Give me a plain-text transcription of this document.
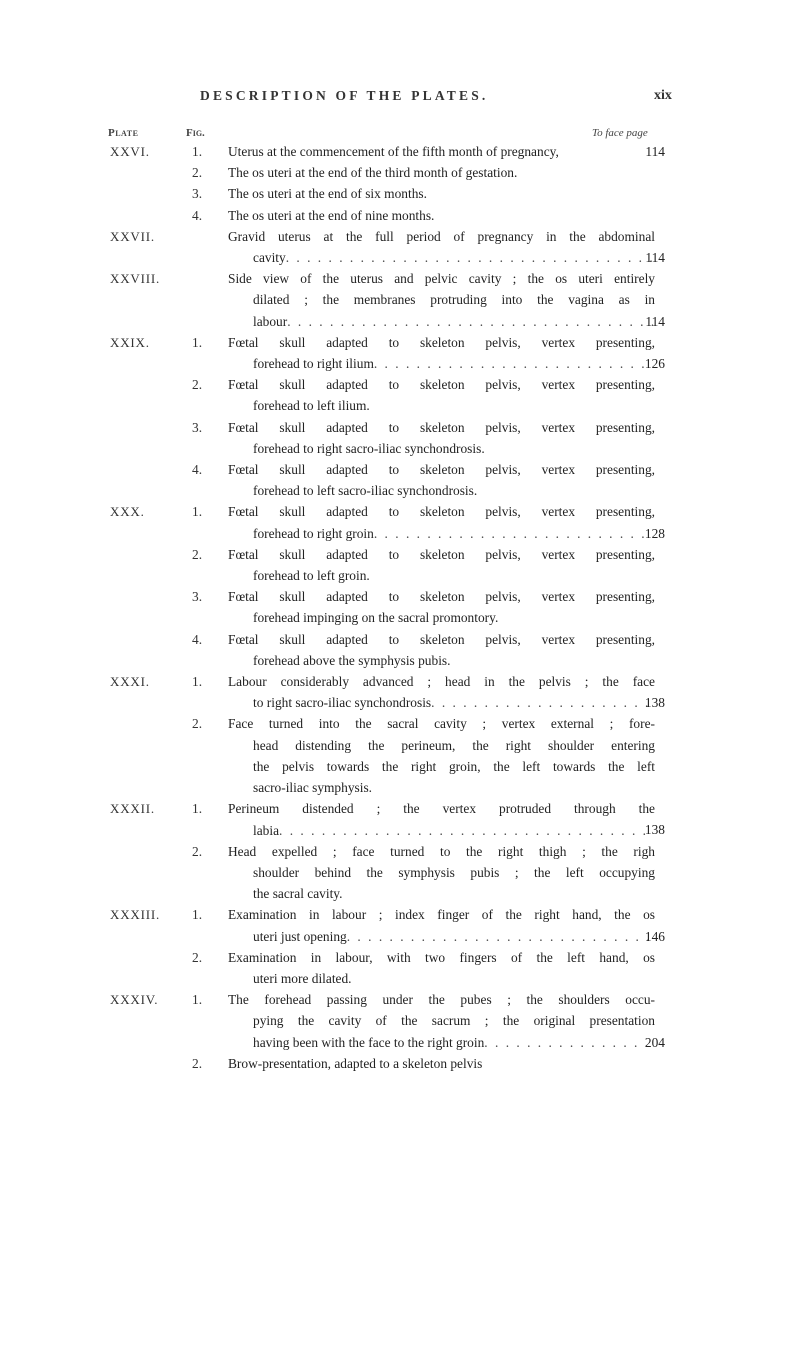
DESCRIPTION OF THE PLATES.	xix
Plate	Fig.	To face page
XXVI.	1. Uterus at the commencement of the fifth month of pregnancy,	114
2. The os uteri at the end of the third month of gestation.
3. The os uteri at the end of six months.
4. The os uteri at the end of nine months.
XXVII.	Gravid uterus at the full period of pregnancy in the abdominal
cavity . . .	114
XXVIII.	Side view of the uterus and pelvic cavity ; the os uteri entirely
dilated ; the membranes protruding into the vagina as in
labour . . .	114
XXIX.	1. Fœtal skull adapted to skeleton pelvis, vertex presenting,
forehead to right ilium . . .	126
2. Fœtal skull adapted to skeleton pelvis, vertex presenting,
forehead to left ilium.
3. Fœtal skull adapted to skeleton pelvis, vertex presenting,
forehead to right sacro-iliac synchondrosis.
4. Fœtal skull adapted to skeleton pelvis, vertex presenting,
forehead to left sacro-iliac synchondrosis.
XXX.	1. Fœtal skull adapted to skeleton pelvis, vertex presenting,
forehead to right groin . . .	128
2. Fœtal skull adapted to skeleton pelvis, vertex presenting,
forehead to left groin.
3. Fœtal skull adapted to skeleton pelvis, vertex presenting,
forehead impinging on the sacral promontory.
4. Fœtal skull adapted to skeleton pelvis, vertex presenting,
forehead above the symphysis pubis.
XXXI.	1. Labour considerably advanced ; head in the pelvis ; the face
to right sacro-iliac synchondrosis . . .	138
2. Face turned into the sacral cavity ; vertex external ; fore-
head distending the perineum, the right shoulder entering
the pelvis towards the right groin, the left towards the left
sacro-iliac symphysis.
XXXII.	1. Perineum distended ; the vertex protruded through the
labia . . .	138
2. Head expelled ; face turned to the right thigh ; the righ
shoulder behind the symphysis pubis ; the left occupying
the sacral cavity.
XXXIII. 1. Examination in labour ; index finger of the right hand, the os
uteri just opening . . .	146
2. Examination in labour, with two fingers of the left hand, os
uteri more dilated.
XXXIV.	1. The forehead passing under the pubes ; the shoulders occu-
pying the cavity of the sacrum ; the original presentation
having been with the face to the right groin . . .	204
2. Brow-presentation, adapted to a skeleton pelvis
